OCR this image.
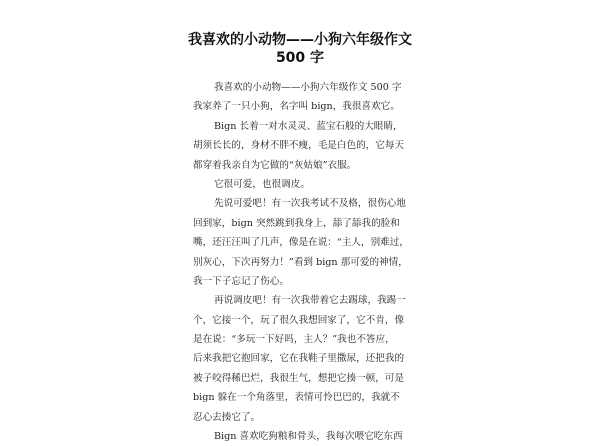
我喜欢的小动物——小狗六年级作文
500 字
我喜欢的小动物——小狗六年级作文 500 字
我家养了一只小狗，名字叫 bign，我很喜欢它。
Bign 长着一对水灵灵、蓝宝石般的大眼睛，
胡须长长的，身材不胖不瘦，毛是白色的，它每天
都穿着我亲自为它做的“灰姑娘”衣服。
它很可爱，也很调皮。
先说可爱吧！有一次我考试不及格，很伤心地
回到家，bign 突然跳到我身上，舔了舔我的脸和
嘴，还汪汪叫了几声，像是在说：“主人，别难过，
别灰心，下次再努力！”看到 bign 那可爱的神情，
我一下子忘记了伤心。
再说调皮吧！有一次我带着它去踢球，我踢一
个，它接一个，玩了很久我想回家了，它不肯，像
是在说：“多玩一下好吗，主人？”我也不答应，
后来我把它抱回家，它在我鞋子里撒尿，还把我的
被子咬得稀巴烂，我很生气，想把它揍一顿，可是
bign 躲在一个角落里，表情可怜巴巴的，我就不
忍心去揍它了。
Bign 喜欢吃狗粮和骨头，我每次喂它吃东西
